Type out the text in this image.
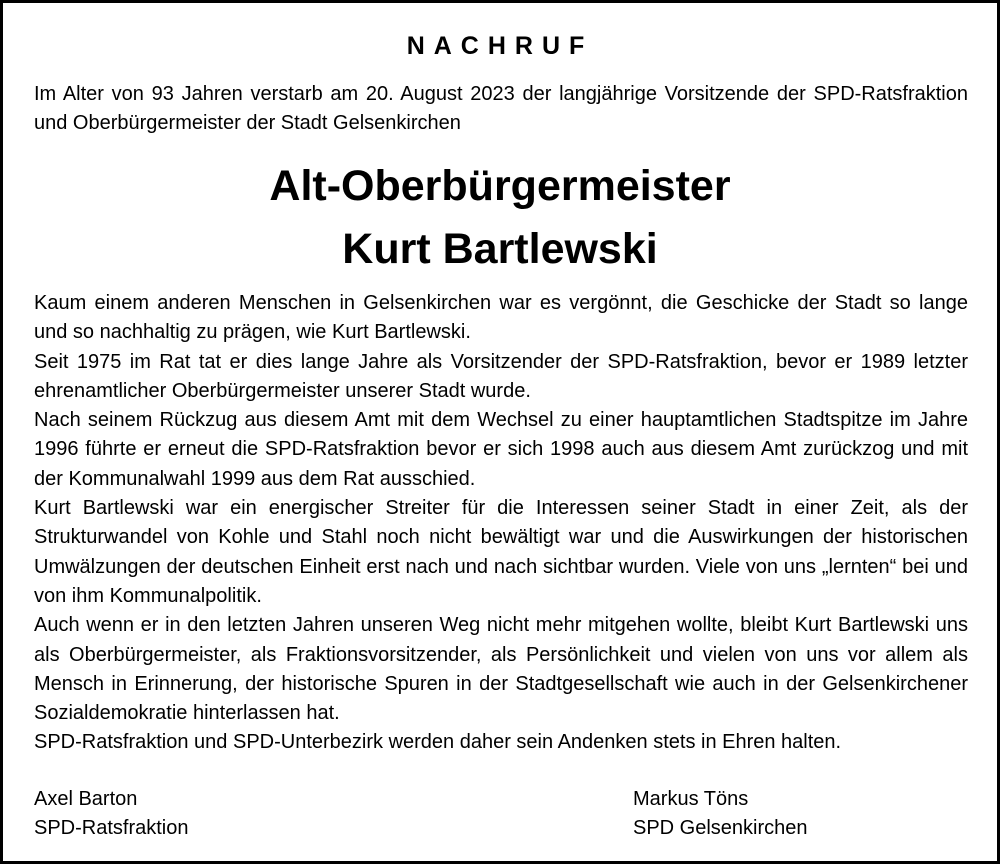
NACHRUF
Im Alter von 93 Jahren verstarb am 20. August 2023 der langjährige Vorsitzende der SPD-Ratsfraktion und Oberbürgermeister der Stadt Gelsenkirchen
Alt-Oberbürgermeister
Kurt Bartlewski

Kaum einem anderen Menschen in Gelsenkirchen war es vergönnt, die Geschicke der Stadt so lange und so nachhaltig zu prägen, wie Kurt Bartlewski.

Seit 1975 im Rat tat er dies lange Jahre als Vorsitzender der SPD-Ratsfraktion, bevor er 1989 letzter ehrenamtlicher Oberbürgermeister unserer Stadt wurde.

Nach seinem Rückzug aus diesem Amt mit dem Wechsel zu einer hauptamtlichen Stadtspitze im Jahre 1996 führte er erneut die SPD-Ratsfraktion bevor er sich 1998 auch aus diesem Amt zurückzog und mit der Kommunalwahl 1999 aus dem Rat ausschied.

Kurt Bartlewski war ein energischer Streiter für die Interessen seiner Stadt in einer Zeit, als der Strukturwandel von Kohle und Stahl noch nicht bewältigt war und die Auswirkungen der historischen Umwälzungen der deutschen Einheit erst nach und nach sichtbar wurden. Viele von uns „lernten“ bei und von ihm Kommunalpolitik.

Auch wenn er in den letzten Jahren unseren Weg nicht mehr mitgehen wollte, bleibt Kurt Bartlewski uns als Oberbürgermeister, als Fraktionsvorsitzender, als Persönlichkeit und vielen von uns vor allem als Mensch in Erinnerung, der historische Spuren in der Stadtgesellschaft wie auch in der Gelsenkirchener Sozialdemokratie hinterlassen hat.

SPD-Ratsfraktion und SPD-Unterbezirk werden daher sein Andenken stets in Ehren halten.

Axel Barton
SPD-Ratsfraktion
Markus Töns
SPD Gelsenkirchen
